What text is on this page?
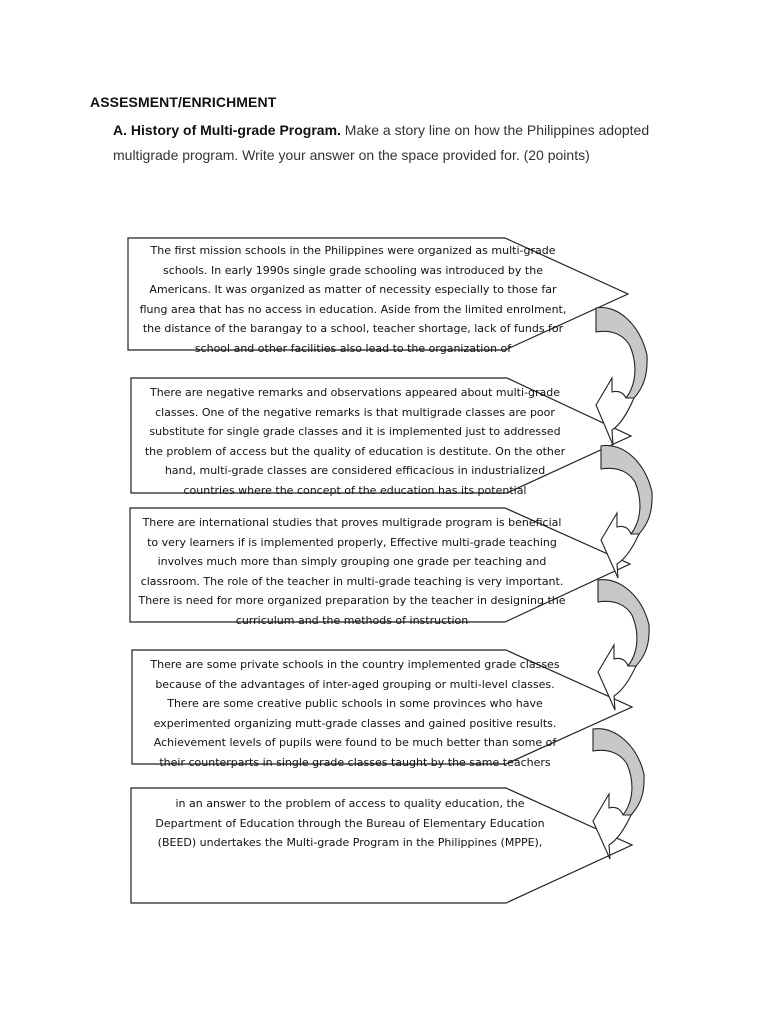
ASSESMENT/ENRICHMENT
A. History of Multi-grade Program. Make a story line on how the Philippines adopted multigrade program. Write your answer on the space provided for. (20 points)
The first mission schools in the Philippines were organized as multi-grade schools. In early 1990s single grade schooling was introduced by the Americans. It was organized as matter of necessity especially to those far flung area that has no access in education. Aside from the limited enrolment, the distance of the barangay to a school, teacher shortage, lack of funds for school and other facilities also lead to the organization of
There are negative remarks and observations appeared about multi-grade classes. One of the negative remarks is that multigrade classes are poor substitute for single grade classes and it is implemented just to addressed the problem of access but the quality of education is destitute. On the other hand, multi-grade classes are considered efficacious in industrialized countries where the concept of the education has its potential
There are international studies that proves multigrade program is beneficial to very learners if is implemented properly, Effective multi-grade teaching involves much more than simply grouping one grade per teaching and classroom. The role of the teacher in multi-grade teaching is very important. There is need for more organized preparation by the teacher in designing the curriculum and the methods of instruction
There are some private schools in the country implemented grade classes because of the advantages of inter-aged grouping or multi-level classes. There are some creative public schools in some provinces who have experimented organizing mutt-grade classes and gained positive results. Achievement levels of pupils were found to be much better than some of their counterparts in single grade classes taught by the same teachers
in an answer to the problem of access to quality education, the Department of Education through the Bureau of Elementary Education (BEED) undertakes the Multi-grade Program in the Philippines (MPPE),
